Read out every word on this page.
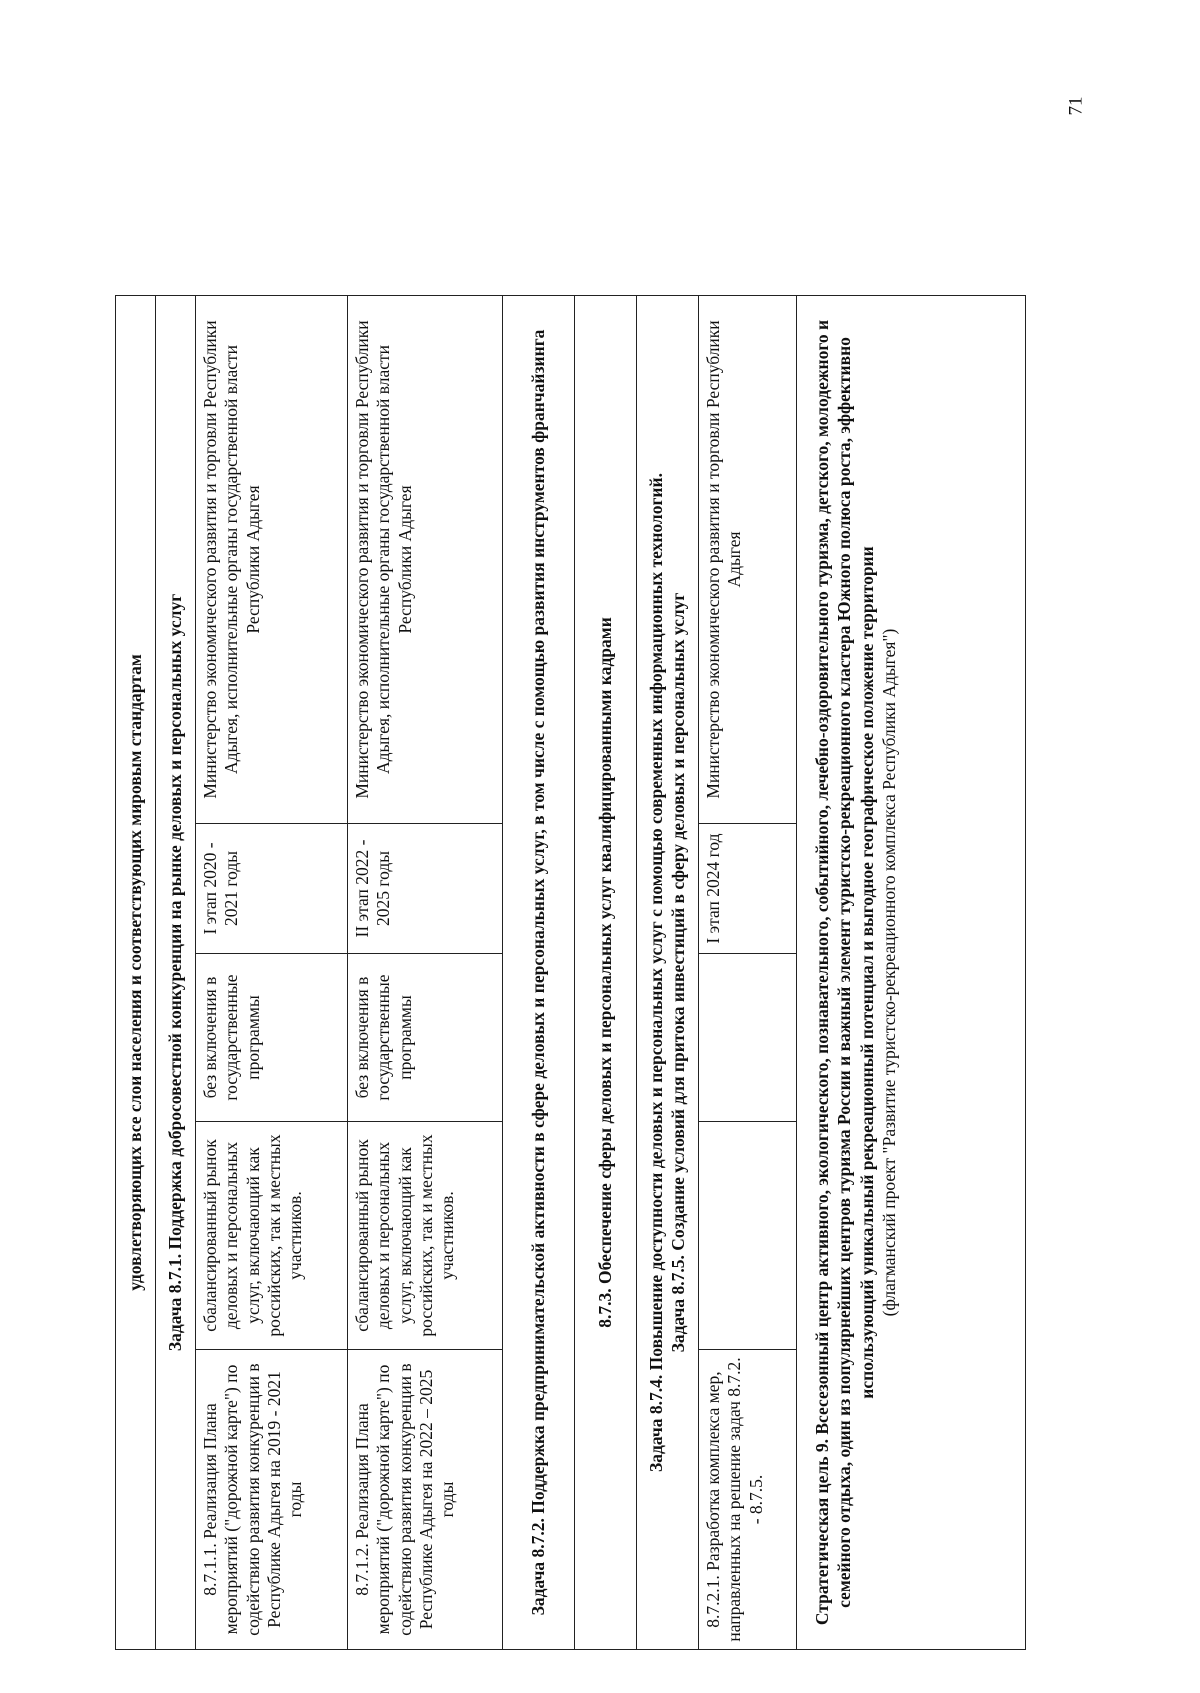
71
удовлетворяющих все слои населения и соответствующих мировым стандартам				
Задача 8.7.1. Поддержка добросовестной конкуренции на рынке деловых и персональных услуг				
8.7.1.1. Реализация Плана мероприятий ("дорожной карте") по содействию развития конкуренции в Республике Адыгея на 2019 - 2021 годы	сбалансированный рынок деловых и персональных услуг, включающий как российских, так и местных участников.	без включения в государственные программы	I этап 2020 - 2021 годы	Министерство экономического развития и торговли Республики Адыгея, исполнительные органы государственной власти Республики Адыгея
8.7.1.2. Реализация Плана мероприятий ("дорожной карте") по содействию развития конкуренции в Республике Адыгея на 2022 – 2025 годы	сбалансированный рынок деловых и персональных услуг, включающий как российских, так и местных участников.	без включения в государственные программы	II этап 2022 - 2025 годы	Министерство экономического развития и торговли Республики Адыгея, исполнительные органы государственной власти Республики Адыгея
Задача 8.7.2. Поддержка предпринимательской активности в сфере деловых и персональных услуг, в том числе с помощью развития инструментов франчайзинга				
8.7.3. Обеспечение сферы деловых и персональных услуг квалифицированными кадрами				

Задача 8.7.4. Повышение доступности деловых и персональных услуг с помощью современных информационных технологий. Задача 8.7.5. Создание условий для притока инвестиций в сферу деловых и персональных услуг				

8.7.2.1. Разработка комплекса мер, направленных на решение задач 8.7.2. - 8.7.5.			I этап 2024 год	Министерство экономического развития и торговли Республики Адыгея

Стратегическая цель 9. Всесезонный центр активного, экологического, познавательного, событийного, лечебно-оздоровительного туризма, детского, молодежного и семейного отдыха, один из популярнейших центров туризма России и важный элемент туристско-рекреационного кластера Южного полюса роста, эффективно использующий уникальный рекреационный потенциал и выгодное географическое положение территории (флагманский проект "Развитие туристско-рекреационного комплекса Республики Адыгея")				
